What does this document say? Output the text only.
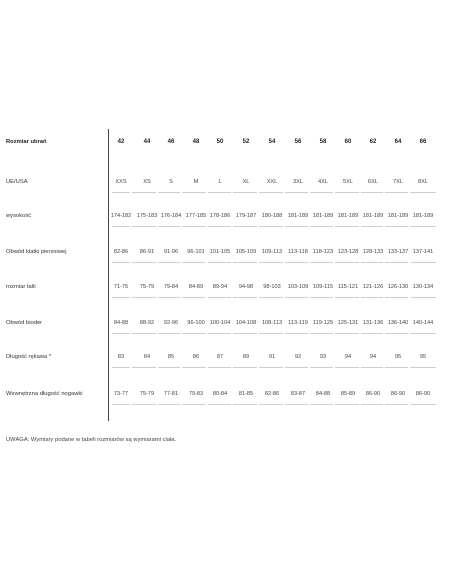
Rozmiar ubrań	42	44	46	48	50	52	54	56	58	60	62	64	66
UE/USA	XXS	XS	S	M	L	XL	XXL	3XL	4XL	5XL	6XL	7XL	8XL
wysokość	174-182 175-183 176-184 177-185 178-186 179-187 180-188 181-189 181-189 181-189 181-189 181-189 181-189
Obwód klatki piersiowej	82-86	86-91	91-96	96-101 101-105 105-109	109-113	113-118 118-123 123-128 128-133 133-137 137-141
rozmiar talii	71-75	75-79	79-84	84-89	89-94	94-98	98-103	103-109 109-115 115-121 121-126 126-130 130-134
Obwód bioder	84-88	88-92	92-96	96-100 100-104 104-108	108-113	113-119 119-125 125-131 131-136 136-140 140-144
Długość rękawa *	83	84	85	86	87	89	91	92	93	94	94	95	95
Wewnętrzna długość nogawki	73-77	75-79	77-81	79-83	80-84	81-85	82-86	83-87	84-88	85-89	86-90	86-90	86-90
UWAGA: Wymiary podane w tabeli rozmiarów są wymiarami ciała.
